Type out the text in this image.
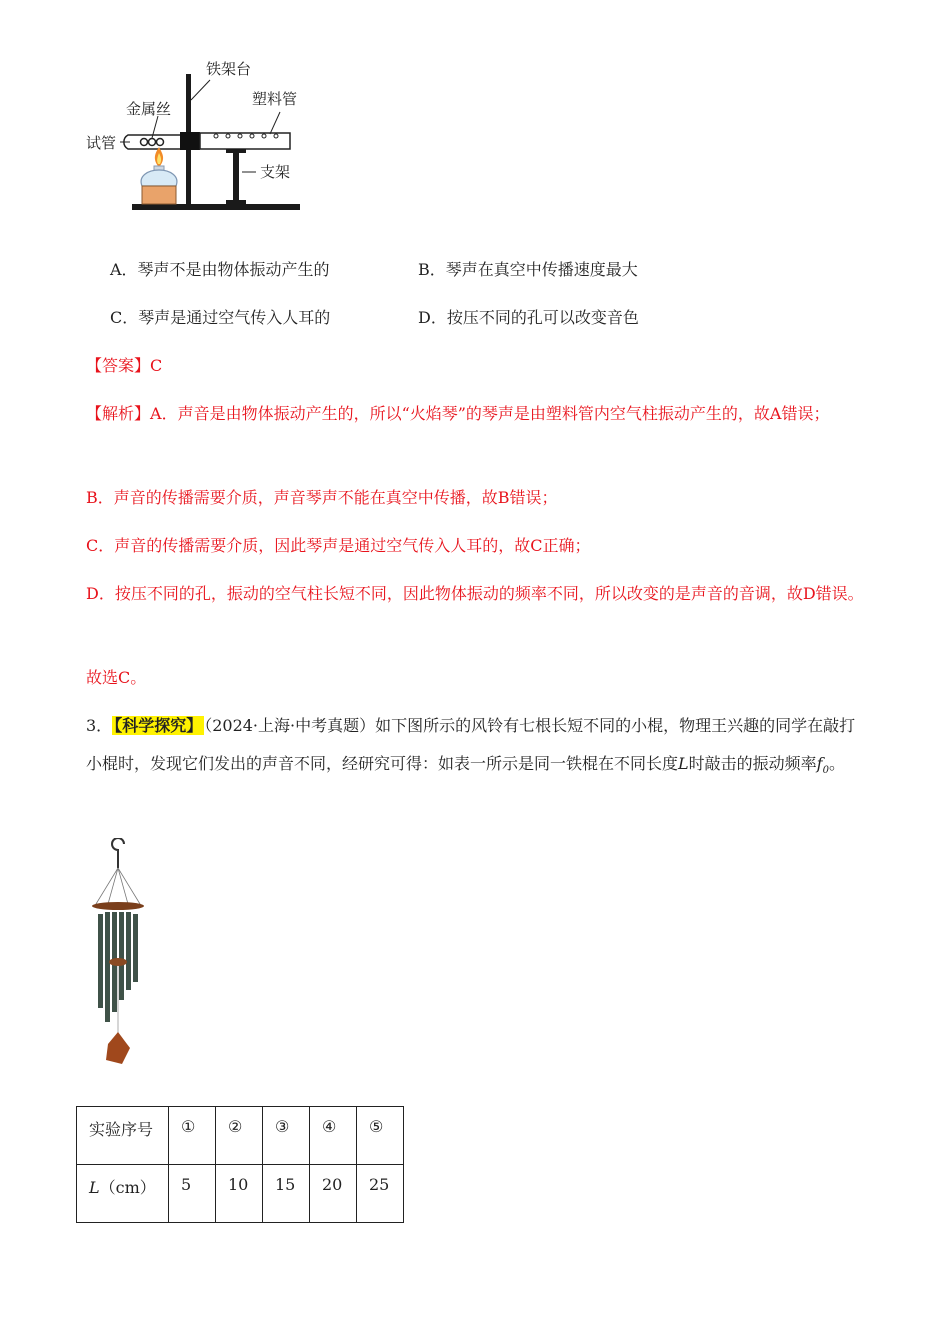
铁架台
金属丝
塑料管
试管
支架
A．琴声不是由物体振动产生的	B．琴声在真空中传播速度最大
C．琴声是通过空气传入人耳的	D．按压不同的孔可以改变音色
【答案】C
【解析】A．声音是由物体振动产生的，所以“火焰琴”的琴声是由塑料管内空气柱振动产生的，故A错误；
B．声音的传播需要介质，声音琴声不能在真空中传播，故B错误；
C．声音的传播需要介质，因此琴声是通过空气传入人耳的，故C正确；
D．按压不同的孔，振动的空气柱长短不同，因此物体振动的频率不同，所以改变的是声音的音调，故D错误。
故选C。
3． 【科学探究】 （2024·上海·中考真题）如下图所示的风铃有七根长短不同的小棍，物理王兴趣的同学在敲打小棍时，发现它们发出的声音不同，经研究可得：如表一所示是同一铁棍在不同长度L时敲击的振动频率$f_0$。
实验序号	①	②	③	④	⑤
L（cm）	5	10	15	20	25
